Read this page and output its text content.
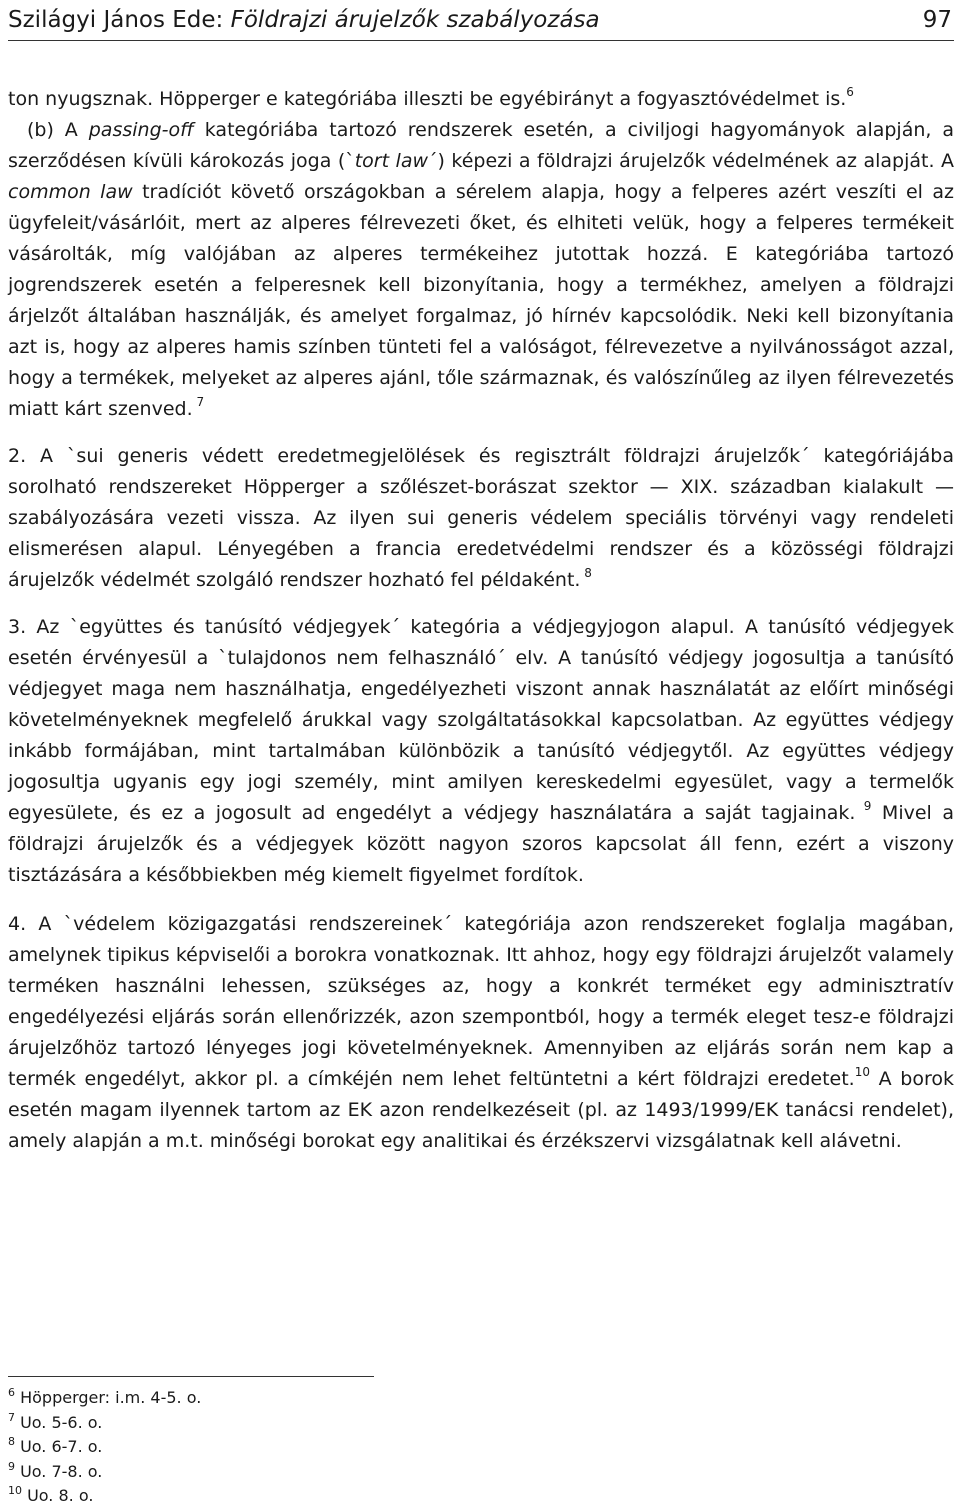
Szilágyi János Ede: Földrajzi árujelzők szabályozása	97

ton nyugsznak. Höpperger e kategóriába illeszti be egyébirányt a fogyasztóvédelmet is.$^6$

 (b) A passing-off kategóriába tartozó rendszerek esetén, a civiljogi hagyományok alapján, a szerződésen kívüli károkozás joga (`tort law´) képezi a földrajzi árujelzők védelmének az alapját. A common law tradíciót követő országokban a sérelem alapja, hogy a felperes azért veszíti el az ügyfeleit/vásárlóit, mert az alperes félrevezeti őket, és elhiteti velük, hogy a felperes termékeit vásárolták, míg valójában az alperes termékeihez jutottak hozzá. E kategóriába tartozó jogrendszerek esetén a felperesnek kell bizonyítania, hogy a termékhez, amelyen a földrajzi árjelzőt általában használják, és amelyet forgalmaz, jó hírnév kapcsolódik. Neki kell bizonyítania azt is, hogy az alperes hamis színben tünteti fel a valóságot, félrevezetve a nyilvánosságot azzal, hogy a termékek, melyeket az alperes ajánl, tőle származnak, és valószínűleg az ilyen félrevezetés miatt kárt szenved. $^7$

2. A `sui generis védett eredetmegjelölések és regisztrált földrajzi árujelzők´ kategóriájába sorolható rendszereket Höpperger a szőlészet-borászat szektor — XIX. században kialakult — szabályozására vezeti vissza. Az ilyen sui generis védelem speciális törvényi vagy rendeleti elismerésen alapul. Lényegében a francia eredetvédelmi rendszer és a közösségi földrajzi árujelzők védelmét szolgáló rendszer hozható fel példaként. $^8$

3. Az `együttes és tanúsító védjegyek´ kategória a védjegyjogon alapul. A tanúsító védjegyek esetén érvényesül a `tulajdonos nem felhasználó´ elv. A tanúsító védjegy jogosultja a tanúsító védjegyet maga nem használhatja, engedélyezheti viszont annak használatát az előírt minőségi követelményeknek megfelelő árukkal vagy szolgáltatásokkal kapcsolatban. Az együttes védjegy inkább formájában, mint tartalmában különbözik a tanúsító védjegytől. Az együttes védjegy jogosultja ugyanis egy jogi személy, mint amilyen kereskedelmi egyesület, vagy a termelők egyesülete, és ez a jogosult ad engedélyt a védjegy használatára a saját tagjainak. $^9$ Mivel a földrajzi árujelzők és a védjegyek között nagyon szoros kapcsolat áll fenn, ezért a viszony tisztázására a későbbiekben még kiemelt figyelmet fordítok.

4. A `védelem közigazgatási rendszereinek´ kategóriája azon rendszereket foglalja magában, amelynek tipikus képviselői a borokra vonatkoznak. Itt ahhoz, hogy egy földrajzi árujelzőt valamely terméken használni lehessen, szükséges az, hogy a konkrét terméket egy adminisztratív engedélyezési eljárás során ellenőrizzék, azon szempontból, hogy a termék eleget tesz-e földrajzi árujelzőhöz tartozó lényeges jogi követelményeknek. Amennyiben az eljárás során nem kap a termék engedélyt, akkor pl. a címkéjén nem lehet feltüntetni a kért földrajzi eredetet.$^{10}$ A borok esetén magam ilyennek tartom az EK azon rendelkezéseit (pl. az 1493/1999/EK tanácsi rendelet), amely alapján a m.t. minőségi borokat egy analitikai és érzékszervi vizsgálatnak kell alávetni.

$^6$ Höpperger: i.m. 4-5. o.
$^7$ Uo. 5-6. o.
$^8$ Uo. 6-7. o.
$^9$ Uo. 7-8. o.
$^{10}$ Uo. 8. o.
